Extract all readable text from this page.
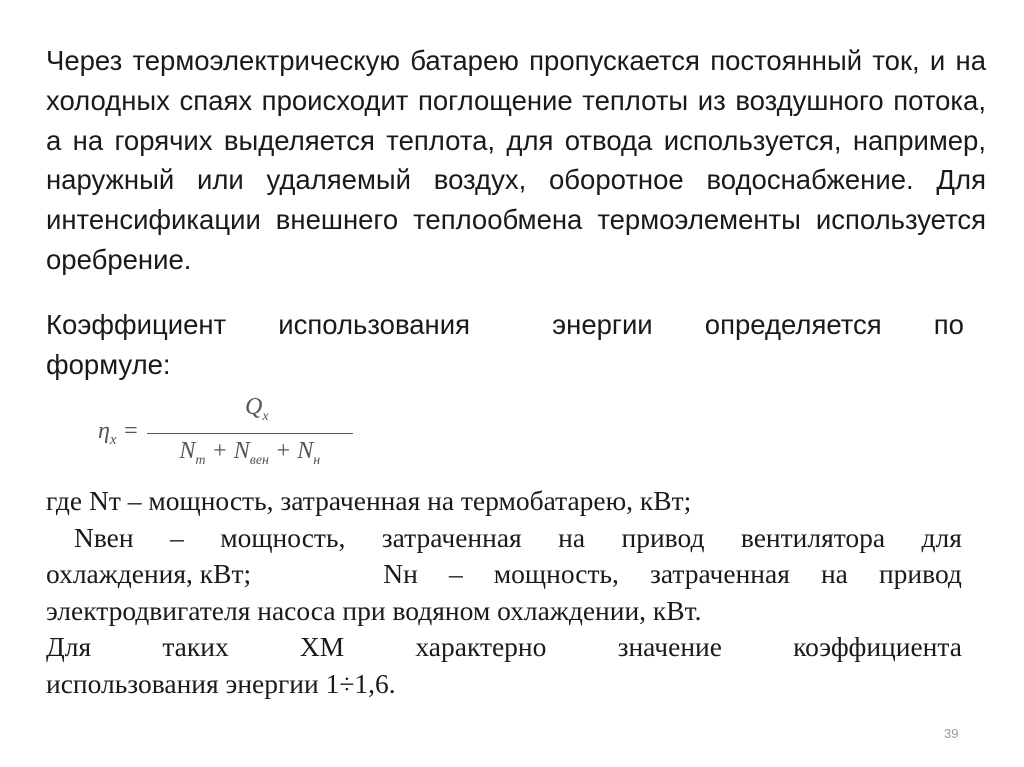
Через термоэлектрическую батарею пропускается постоянный ток, и на холодных спаях происходит поглощение теплоты из воздушного потока, а на горячих выделяется теплота, для отвода используется, например, наружный или удаляемый воздух, оборотное водоснабжение. Для интенсификации внешнего теплообмена термоэлементы используется оребрение.
Коэффициент использования	энергии определяется по
формуле:
$\eta_x = \frac{Q_x}{N_т + N_{вен} + N_н}$
где Nт – мощность, затраченная на термобатарею, кВт;
Nвен – мощность, затраченная на привод вентилятора для
охлаждения, кВт;	Nн – мощность, затраченная на привод
электродвигателя насоса при водяном охлаждении, кВт.
Для	таких	ХМ	характерно	значение	коэффициента
использования энергии 1÷1,6.
39
